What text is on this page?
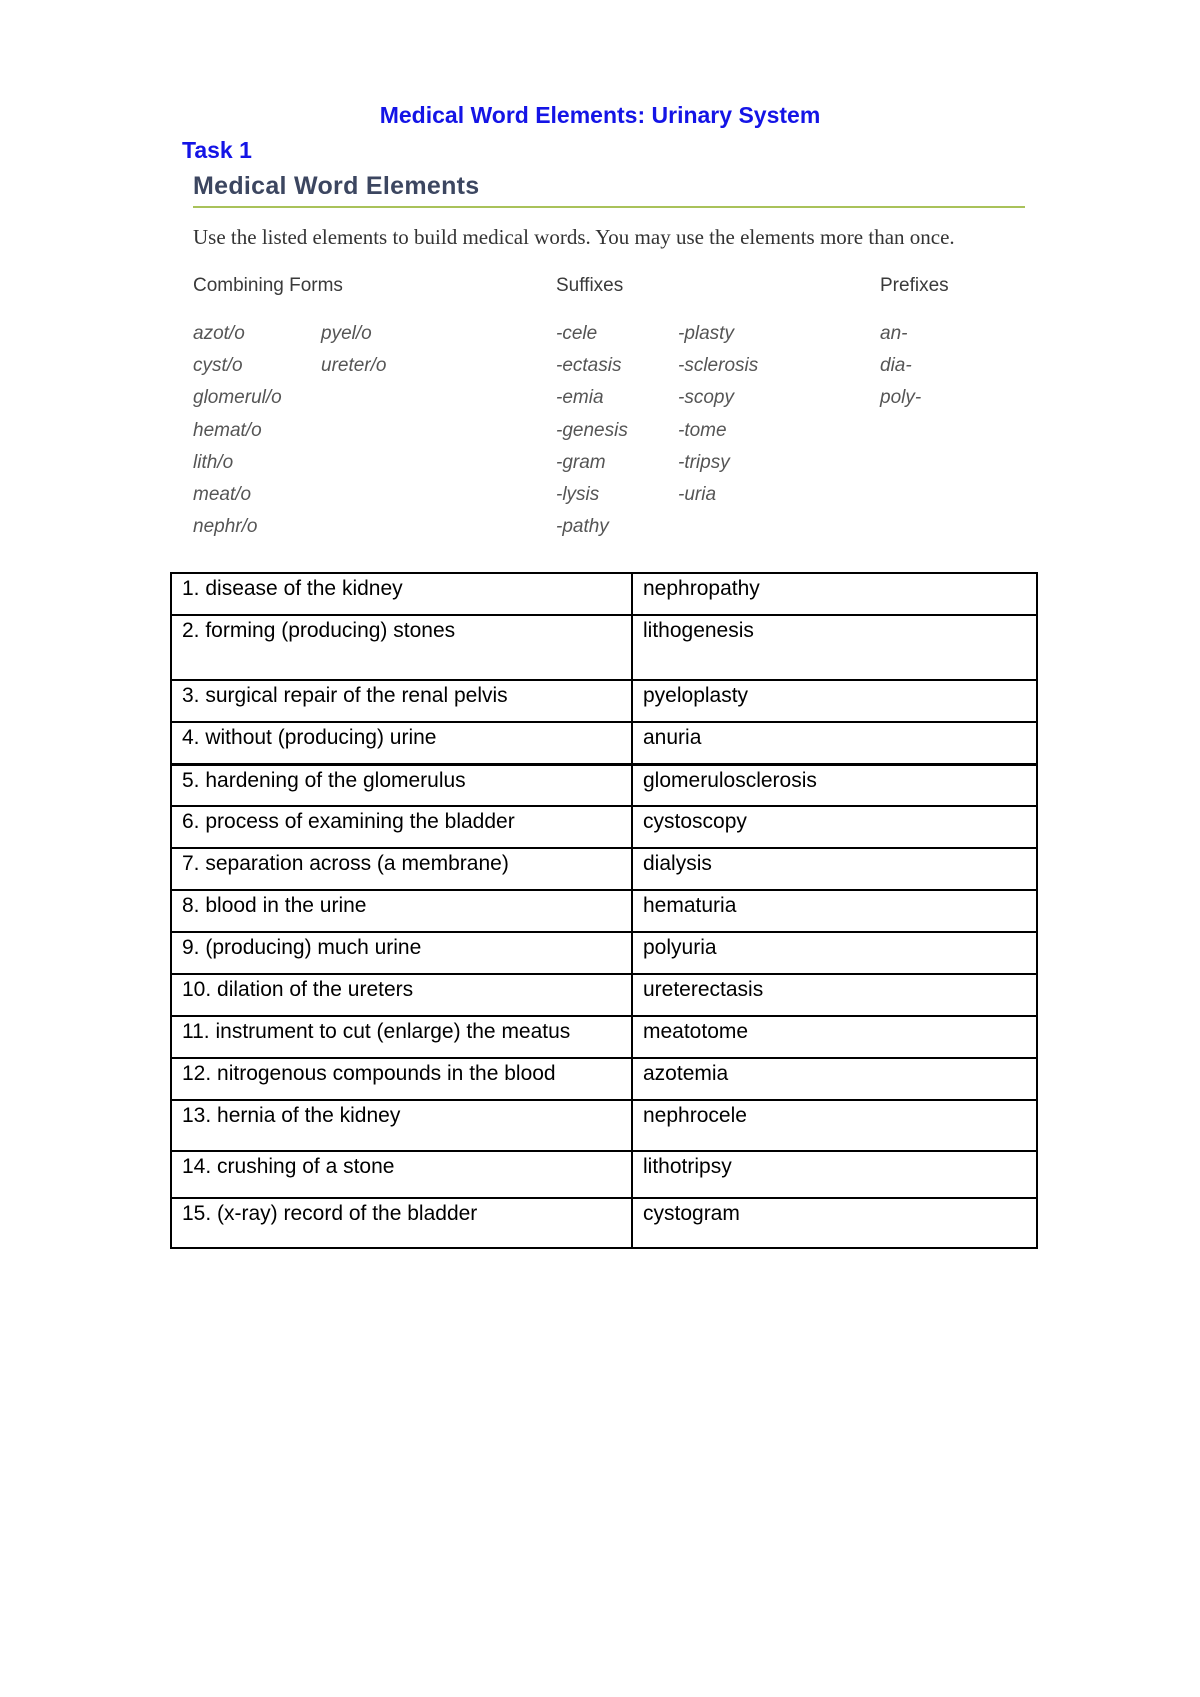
Medical Word Elements: Urinary System
Task 1
Medical Word Elements
Use the listed elements to build medical words. You may use the elements more than once.
Combining Forms	Suffixes	Prefixes
azot/o
cyst/o
glomerul/o
hemat/o
lith/o
meat/o
nephr/o
pyel/o
ureter/o
-cele
-ectasis
-emia
-genesis
-gram
-lysis
-pathy
-plasty
-sclerosis
-scopy
-tome
-tripsy
-uria
an-
dia-
poly-
1. disease of the kidney	nephropathy
2. forming (producing) stones	lithogenesis
3. surgical repair of the renal pelvis	pyeloplasty
4. without (producing) urine	anuria
5. hardening of the glomerulus	glomerulosclerosis
6. process of examining the bladder	cystoscopy
7. separation across (a membrane)	dialysis
8. blood in the urine	hematuria
9. (producing) much urine	polyuria
10. dilation of the ureters	ureterectasis
11. instrument to cut (enlarge) the meatus	meatotome
12. nitrogenous compounds in the blood	azotemia
13. hernia of the kidney	nephrocele
14. crushing of a stone	lithotripsy
15. (x-ray) record of the bladder	cystogram
